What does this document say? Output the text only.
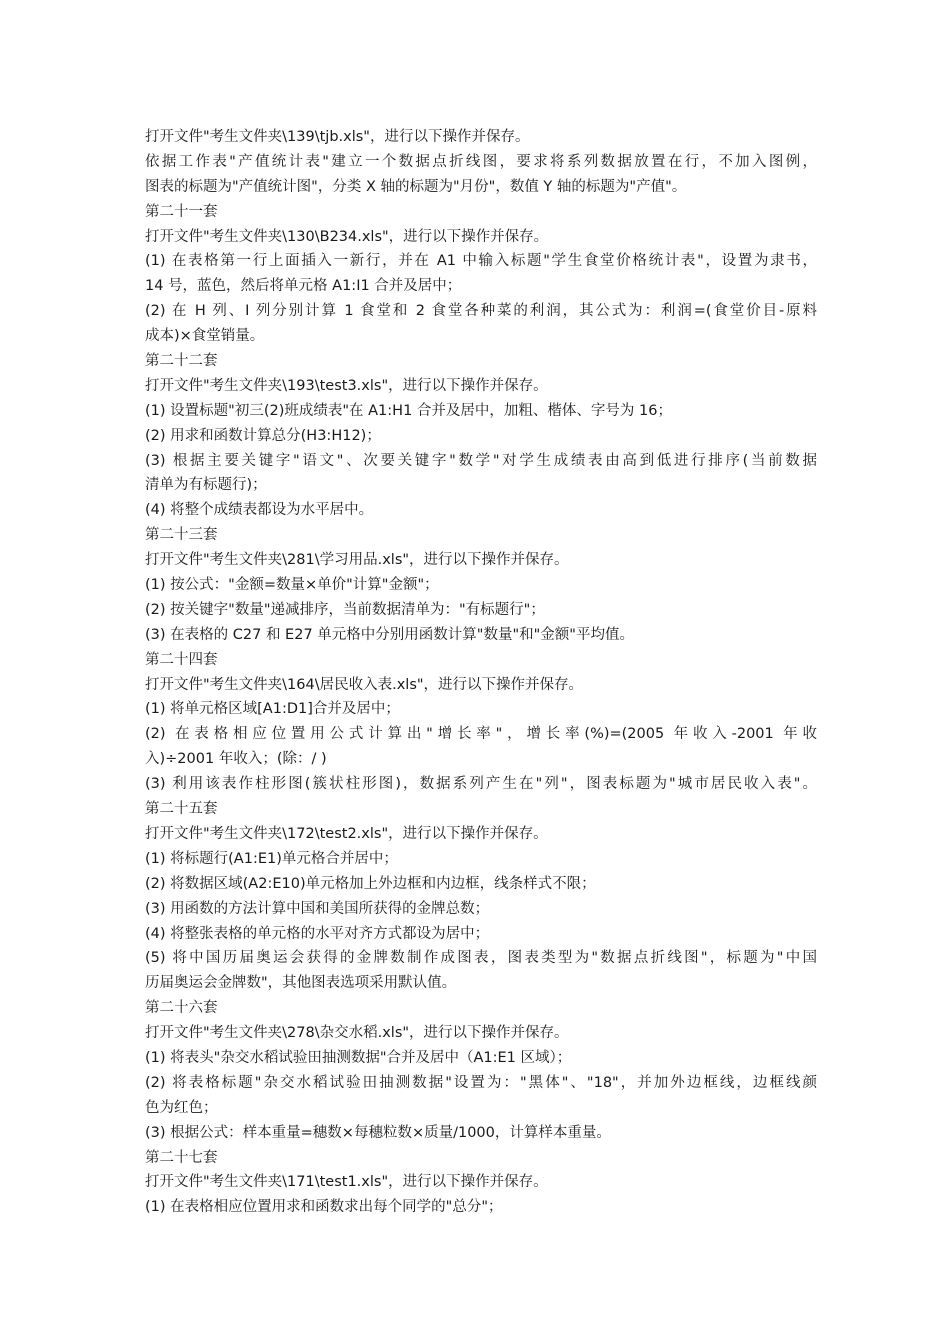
打开文件"考生文件夹\139\tjb.xls"，进行以下操作并保存。
依据工作表"产值统计表"建立一个数据点折线图，要求将系列数据放置在行，不加入图例，
图表的标题为"产值统计图"，分类 X 轴的标题为"月份"，数值 Y 轴的标题为"产值"。
第二十一套
打开文件"考生文件夹\130\B234.xls"，进行以下操作并保存。
(1) 在表格第一行上面插入一新行，并在 A1 中输入标题"学生食堂价格统计表"，设置为隶书，
14 号，蓝色，然后将单元格 A1:I1 合并及居中；
(2) 在 H 列、I 列分别计算 1 食堂和 2 食堂各种菜的利润，其公式为：利润=(食堂价目-原料
成本)×食堂销量。
第二十二套
打开文件"考生文件夹\193\test3.xls"，进行以下操作并保存。
(1) 设置标题"初三(2)班成绩表"在 A1:H1 合并及居中，加粗、楷体、字号为 16；
(2) 用求和函数计算总分(H3:H12)；
(3) 根据主要关键字"语文"、次要关键字"数学"对学生成绩表由高到低进行排序(当前数据
清单为有标题行)；
(4) 将整个成绩表都设为水平居中。
第二十三套
打开文件"考生文件夹\281\学习用品.xls"，进行以下操作并保存。
(1) 按公式："金额=数量×单价"计算"金额"；
(2) 按关键字"数量"递减排序，当前数据清单为："有标题行"；
(3) 在表格的 C27 和 E27 单元格中分别用函数计算"数量"和"金额"平均值。
第二十四套
打开文件"考生文件夹\164\居民收入表.xls"，进行以下操作并保存。
(1) 将单元格区域[A1:D1]合并及居中；
(2) 在表格相应位置用公式计算出"增长率"，增长率(%)=(2005 年收入-2001 年收
入)÷2001 年收入；(除：/ )
(3) 利用该表作柱形图(簇状柱形图)，数据系列产生在"列"，图表标题为"城市居民收入表"。
第二十五套
打开文件"考生文件夹\172\test2.xls"，进行以下操作并保存。
(1) 将标题行(A1:E1)单元格合并居中；
(2) 将数据区域(A2:E10)单元格加上外边框和内边框，线条样式不限；
(3) 用函数的方法计算中国和美国所获得的金牌总数；
(4) 将整张表格的单元格的水平对齐方式都设为居中；
(5) 将中国历届奥运会获得的金牌数制作成图表，图表类型为"数据点折线图"，标题为"中国
历届奥运会金牌数"，其他图表选项采用默认值。
第二十六套
打开文件"考生文件夹\278\杂交水稻.xls"，进行以下操作并保存。
(1) 将表头"杂交水稻试验田抽测数据"合并及居中（A1:E1 区域）；
(2) 将表格标题"杂交水稻试验田抽测数据"设置为："黑体"、"18"，并加外边框线，边框线颜
色为红色；
(3) 根据公式：样本重量=穗数×每穗粒数×质量/1000，计算样本重量。
第二十七套
打开文件"考生文件夹\171\test1.xls"，进行以下操作并保存。
(1) 在表格相应位置用求和函数求出每个同学的"总分"；
